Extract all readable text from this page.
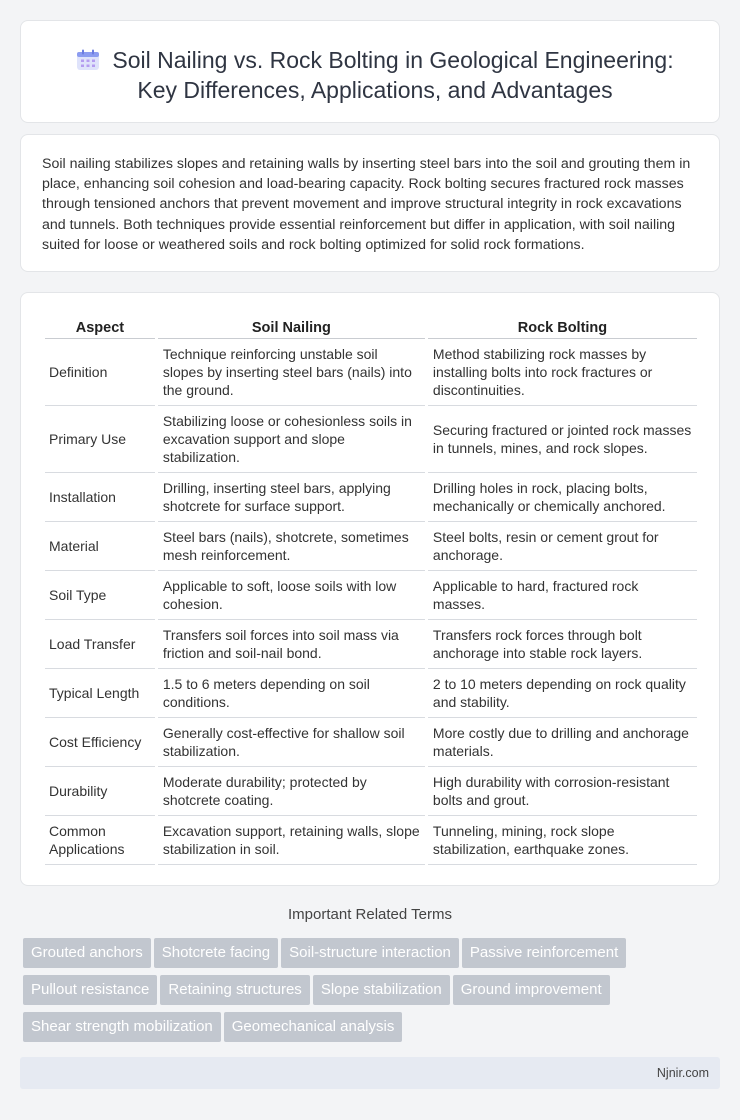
Soil Nailing vs. Rock Bolting in Geological Engineering: Key Differences, Applications, and Advantages

Soil nailing stabilizes slopes and retaining walls by inserting steel bars into the soil and grouting them in place, enhancing soil cohesion and load-bearing capacity. Rock bolting secures fractured rock masses through tensioned anchors that prevent movement and improve structural integrity in rock excavations and tunnels. Both techniques provide essential reinforcement but differ in application, with soil nailing suited for loose or weathered soils and rock bolting optimized for solid rock formations.

Aspect	Soil Nailing	Rock Bolting
Definition	Technique reinforcing unstable soil slopes by inserting steel bars (nails) into the ground.	Method stabilizing rock masses by installing bolts into rock fractures or discontinuities.
Primary Use	Stabilizing loose or cohesionless soils in excavation support and slope stabilization.	Securing fractured or jointed rock masses in tunnels, mines, and rock slopes.
Installation	Drilling, inserting steel bars, applying shotcrete for surface support.	Drilling holes in rock, placing bolts, mechanically or chemically anchored.
Material	Steel bars (nails), shotcrete, sometimes mesh reinforcement.	Steel bolts, resin or cement grout for anchorage.
Soil Type	Applicable to soft, loose soils with low cohesion.	Applicable to hard, fractured rock masses.
Load Transfer	Transfers soil forces into soil mass via friction and soil-nail bond.	Transfers rock forces through bolt anchorage into stable rock layers.
Typical Length	1.5 to 6 meters depending on soil conditions.	2 to 10 meters depending on rock quality and stability.
Cost Efficiency	Generally cost-effective for shallow soil stabilization.	More costly due to drilling and anchorage materials.
Durability	Moderate durability; protected by shotcrete coating.	High durability with corrosion-resistant bolts and grout.
Common Applications	Excavation support, retaining walls, slope stabilization in soil.	Tunneling, mining, rock slope stabilization, earthquake zones.
Important Related Terms
Grouted anchors Shotcrete facing Soil-structure interaction Passive reinforcementPullout resistance Retaining structures Slope stabilization Ground improvementShear strength mobilization Geomechanical analysis
Njnir.com
